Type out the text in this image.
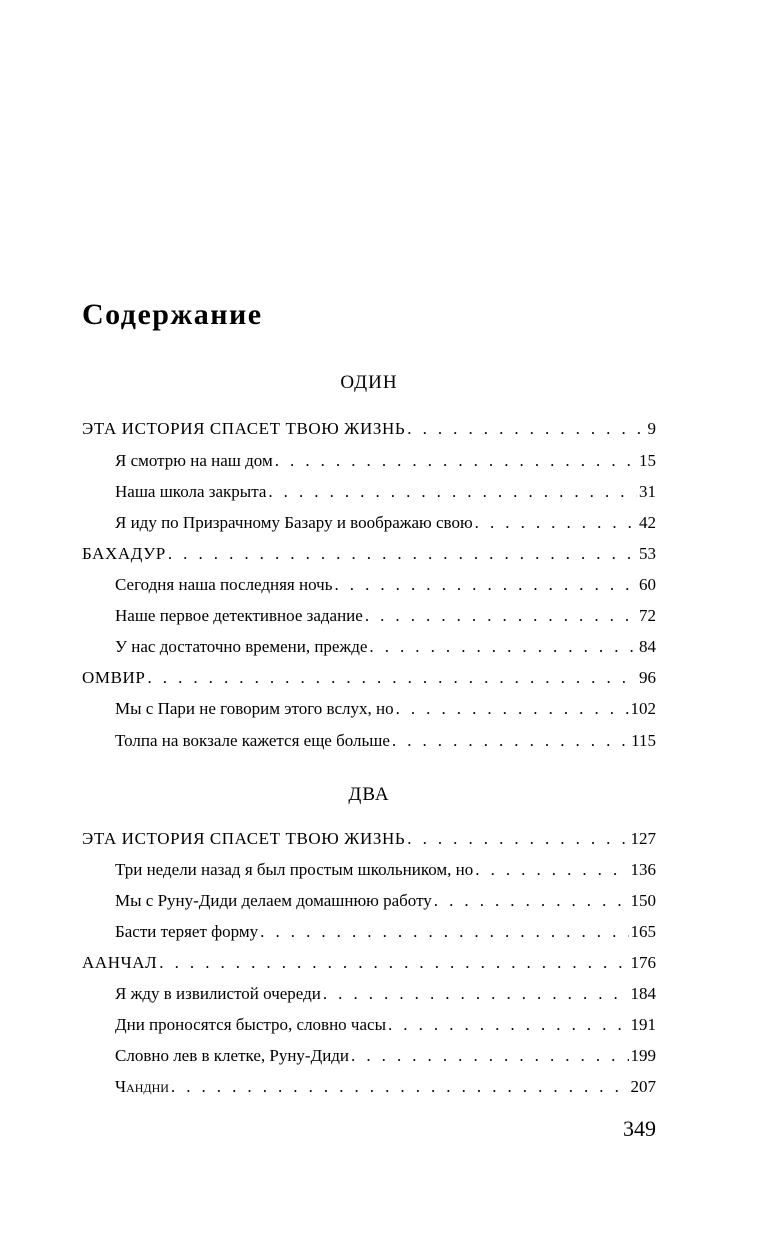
Содержание
ОДИН
ЭТА ИСТОРИЯ СПАСЕТ ТВОЮ ЖИЗНЬ . . .	9
Я смотрю на наш дом . . .	15
Наша школа закрыта . . .	31
Я иду по Призрачному Базару и воображаю свою . . .	42
БАХАДУР . . .	53
Сегодня наша последняя ночь . . .	60
Наше первое детективное задание . . .	72
У нас достаточно времени, прежде . . .	84
ОМВИР . . .	96
Мы с Пари не говорим этого вслух, но . . .	102
Толпа на вокзале кажется еще больше . . .	115
ДВА
ЭТА ИСТОРИЯ СПАСЕТ ТВОЮ ЖИЗНЬ . . .	127
Три недели назад я был простым школьником, но . . .	136
Мы с Руну-Диди делаем домашнюю работу . . .	150
Басти теряет форму . . .	165
ААНЧАЛ . . .	176
Я жду в извилистой очереди . . .	184
Дни проносятся быстро, словно часы . . .	191
Словно лев в клетке, Руну-Диди . . .	199
Чандни . . .	207
349
